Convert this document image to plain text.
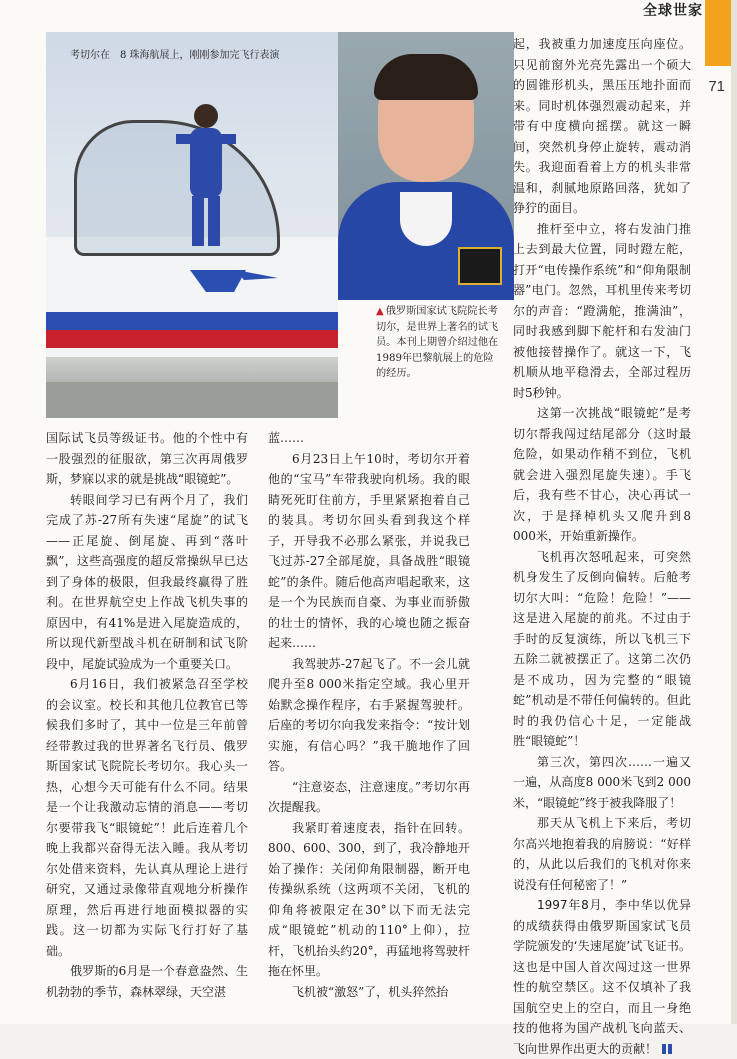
全球世家
71
考切尔在　8 珠海航展上，刚刚参加完飞行表演
▲ 俄罗斯国家试飞院院长考切尔，是世界上著名的试飞员。本刊上期曾介绍过他在1989年巴黎航展上的危险的经历。

国际试飞员等级证书。他的个性中有一股强烈的征服欲，第三次再周俄罗斯，梦寐以求的就是挑战“眼镜蛇”。

转眼间学习已有两个月了，我们完成了苏-27所有失速“尾旋”的试飞——正尾旋、倒尾旋、再到“落叶飘”，这些高强度的超反常操纵早已达到了身体的极限，但我最终赢得了胜利。在世界航空史上作战飞机失事的原因中，有41%是进入尾旋造成的，所以现代新型战斗机在研制和试飞阶段中，尾旋试验成为一个重要关口。

6月16日，我们被紧急召至学校的会议室。校长和其他几位教官已等候我们多时了，其中一位是三年前曾经带教过我的世界著名飞行员、俄罗斯国家试飞院院长考切尔。我心头一热，心想今天可能有什么不同。结果是一个让我激动忘情的消息——考切尔要带我飞“眼镜蛇”！此后连着几个晚上我都兴奋得无法入睡。我从考切尔处借来资料，先认真从理论上进行研究，又通过录像带直观地分析操作原理，然后再进行地面模拟器的实践。这一切都为实际飞行打好了基础。

俄罗斯的6月是一个春意盎然、生机勃勃的季节，森林翠绿，天空湛

蓝……

6月23日上午10时，考切尔开着他的“宝马”车带我驶向机场。我的眼睛死死盯住前方，手里紧紧抱着自己的装具。考切尔回头看到我这个样子，开导我不必那么紧张，并说我已飞过苏-27全部尾旋，具备战胜“眼镜蛇”的条件。随后他高声唱起歌来，这是一个为民族而自豪、为事业而骄傲的壮士的情怀，我的心境也随之振奋起来……

我驾驶苏-27起飞了。不一会儿就爬升至8 000米指定空域。我心里开始默念操作程序，右手紧握驾驶杆。后座的考切尔向我发来指令：“按计划实施，有信心吗？”我干脆地作了回答。

“注意姿态，注意速度。”考切尔再次提醒我。

我紧盯着速度表，指针在回转。800、600、300，到了，我冷静地开始了操作：关闭仰角限制器，断开电传操纵系统（这两项不关闭，飞机的仰角将被限定在30°以下而无法完成“眼镜蛇”机动的110°上仰），拉杆，飞机抬头约20°，再猛地将驾驶杆拖在怀里。

飞机被“激怒”了，机头猝然抬

起，我被重力加速度压向座位。只见前窗外光亮先露出一个硕大的圆锥形机头，黑压压地扑面而来。同时机体强烈震动起来，并带有中度横向摇摆。就这一瞬间，突然机身停止旋转，震动消失。我迎面看着上方的机头非常温和，刹腻地原路回落，犹如了狰狞的面目。

推杆至中立，将右发油门推上去到最大位置，同时蹬左舵，打开“电传操作系统”和“仰角限制器”电门。忽然，耳机里传来考切尔的声音：“蹬满舵，推满油”，同时我感到脚下舵杆和右发油门被他接替操作了。就这一下，飞机顺从地平稳滑去，全部过程历时5秒钟。

这第一次挑战“眼镜蛇”是考切尔帮我闯过结尾部分（这时最危险，如果动作稍不到位，飞机就会进入强烈尾旋失速）。手飞后，我有些不甘心，决心再试一次，于是择棹机头又爬升到8 000米，开始重新操作。

飞机再次怒吼起来，可突然机身发生了反倒向偏转。后舱考切尔大叫：“危险！危险！”——这是进入尾旋的前兆。不过由于手时的反复演练，所以飞机三下五除二就被摆正了。这第二次仍是不成功，因为完整的“眼镜蛇”机动是不带任何偏转的。但此时的我仍信心十足，一定能战胜“眼镜蛇”！

第三次，第四次……一遍又一遍，从高度8 000米飞到2 000米，“眼镜蛇”终于被我降服了！

那天从飞机上下来后，考切尔高兴地抱着我的肩膀说：“好样的，从此以后我们的飞机对你来说没有任何秘密了！”

1997年8月，李中华以优异的成绩获得由俄罗斯国家试飞员学院颁发的‘失速尾旋’试飞证书。这也是中国人首次闯过这一世界性的航空禁区。这不仅填补了我国航空史上的空白，而且一身绝技的他将为国产战机飞向蓝天、飞向世界作出更大的贡献！
